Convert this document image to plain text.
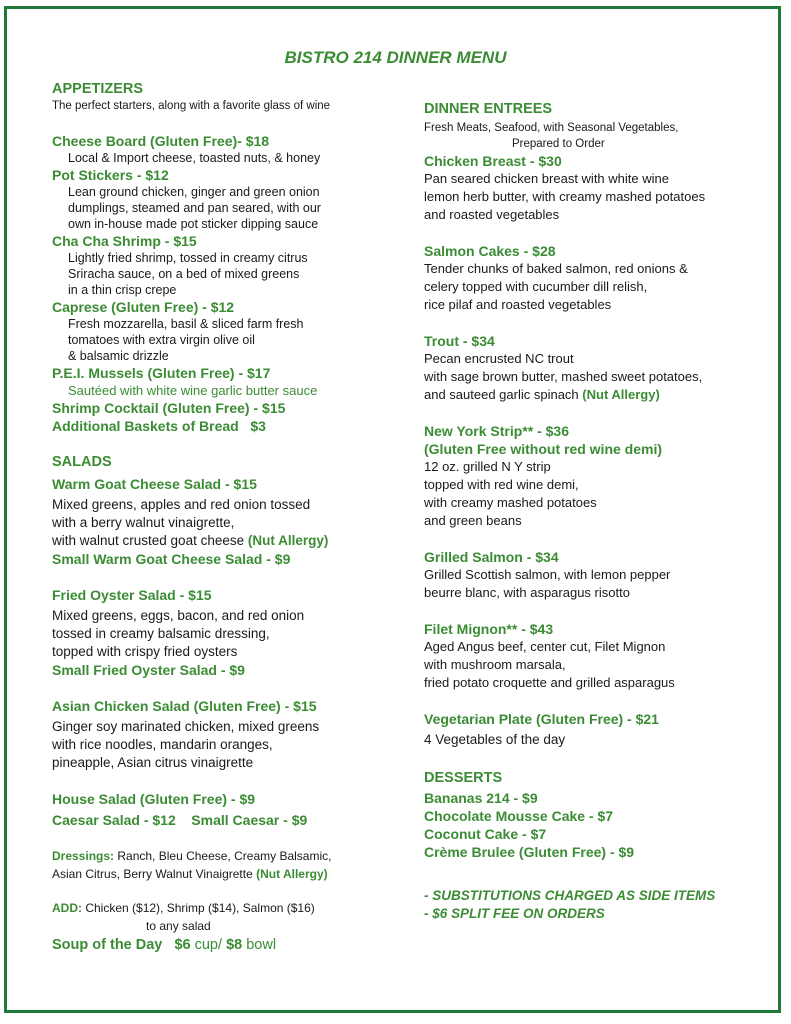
BISTRO 214 DINNER MENU
APPETIZERS
The perfect starters, along with a favorite glass of wine
Cheese Board (Gluten Free)- $18
Local & Import cheese, toasted nuts, & honey
Pot Stickers - $12
Lean ground chicken, ginger and green onion
dumplings, steamed and pan seared, with our
own in-house made pot sticker dipping sauce
Cha Cha Shrimp - $15
Lightly fried shrimp, tossed in creamy citrus
Sriracha sauce, on a bed of mixed greens
in a thin crisp crepe
Caprese (Gluten Free) - $12
Fresh mozzarella, basil & sliced farm fresh
tomatoes with extra virgin olive oil
& balsamic drizzle
P.E.I. Mussels (Gluten Free) - $17
Sautéed with white wine garlic butter sauce
Shrimp Cocktail (Gluten Free) - $15
Additional Baskets of Bread   $3
SALADS
Warm Goat Cheese Salad - $15
Mixed greens, apples and red onion tossed
with a berry walnut vinaigrette,
with walnut crusted goat cheese (Nut Allergy)
Small Warm Goat Cheese Salad - $9
Fried Oyster Salad - $15
Mixed greens, eggs, bacon, and red onion
tossed in creamy balsamic dressing,
topped with crispy fried oysters
Small Fried Oyster Salad - $9
Asian Chicken Salad (Gluten Free) - $15
Ginger soy marinated chicken, mixed greens
with rice noodles, mandarin oranges,
pineapple, Asian citrus vinaigrette
House Salad (Gluten Free) - $9
Caesar Salad - $12    Small Caesar - $9
Dressings: Ranch, Bleu Cheese, Creamy Balsamic,
Asian Citrus, Berry Walnut Vinaigrette (Nut Allergy)
ADD: Chicken ($12), Shrimp ($14), Salmon ($16)
to any salad
Soup of the Day   $6 cup/ $8 bowl
DINNER ENTREES
Fresh Meats, Seafood, with Seasonal Vegetables,
Prepared to Order
Chicken Breast - $30
Pan seared chicken breast with white wine
lemon herb butter, with creamy mashed potatoes
and roasted vegetables
Salmon Cakes - $28
Tender chunks of baked salmon, red onions &
celery topped with cucumber dill relish,
rice pilaf and roasted vegetables
Trout - $34
Pecan encrusted NC trout
with sage brown butter, mashed sweet potatoes,
and sauteed garlic spinach (Nut Allergy)
New York Strip** - $36
(Gluten Free without red wine demi)
12 oz. grilled N Y strip
topped with red wine demi,
with creamy mashed potatoes
and green beans
Grilled Salmon - $34
Grilled Scottish salmon, with lemon pepper
beurre blanc, with asparagus risotto
Filet Mignon** - $43
Aged Angus beef, center cut, Filet Mignon
with mushroom marsala,
fried potato croquette and grilled asparagus
Vegetarian Plate (Gluten Free) - $21
4 Vegetables of the day
DESSERTS
Bananas 214 - $9
Chocolate Mousse Cake - $7
Coconut Cake - $7
Crème Brulee (Gluten Free) - $9
- SUBSTITUTIONS CHARGED AS SIDE ITEMS
- $6 SPLIT FEE ON ORDERS
